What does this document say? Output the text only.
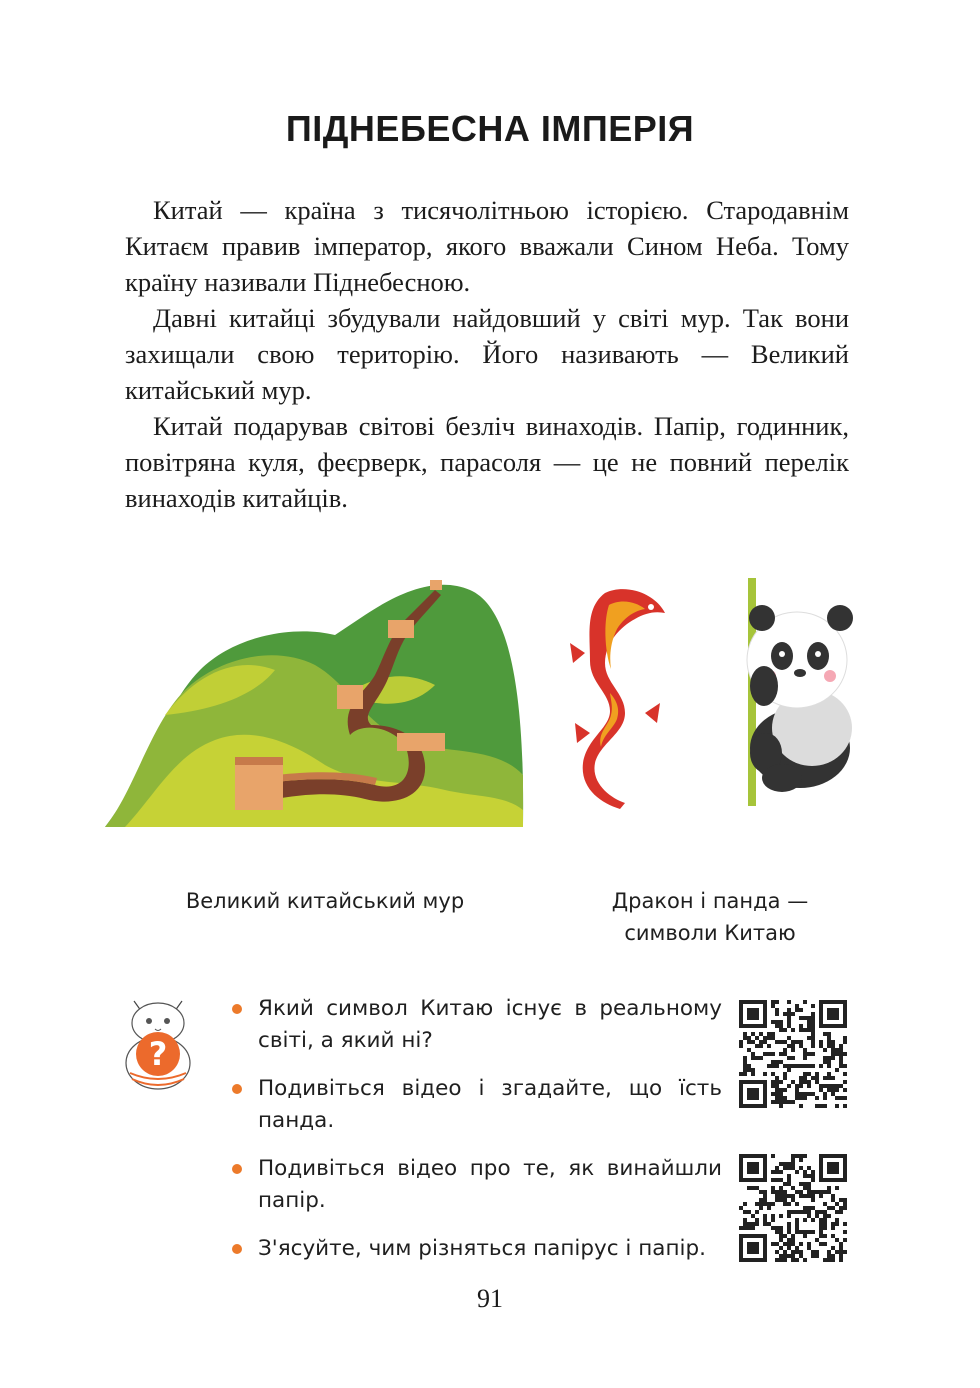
ПІДНЕБЕСНА ІМПЕРІЯ

Китай — країна з тисячолітньою історією. Стародавнім Китаєм правив імператор, якого вважали Сином Неба. Тому країну називали Піднебесною.

Давні китайці збудували найдовший у світі мур. Так вони захищали свою територію. Його називають — Великий китайський мур.

Китай подарував світові безліч винаходів. Папір, годинник, повітряна куля, феєрверк, парасоля — це не повний перелік винаходів китайців.

Великий китайський мур	Дракон і панда —
символи Китаю
?
Який символ Китаю існує в реальному світі, а який ні?
Подивіться відео і згадайте, що їсть панда.
Подивіться відео про те, як винайшли папір.
З'ясуйте, чим різняться папірус і папір.
91
